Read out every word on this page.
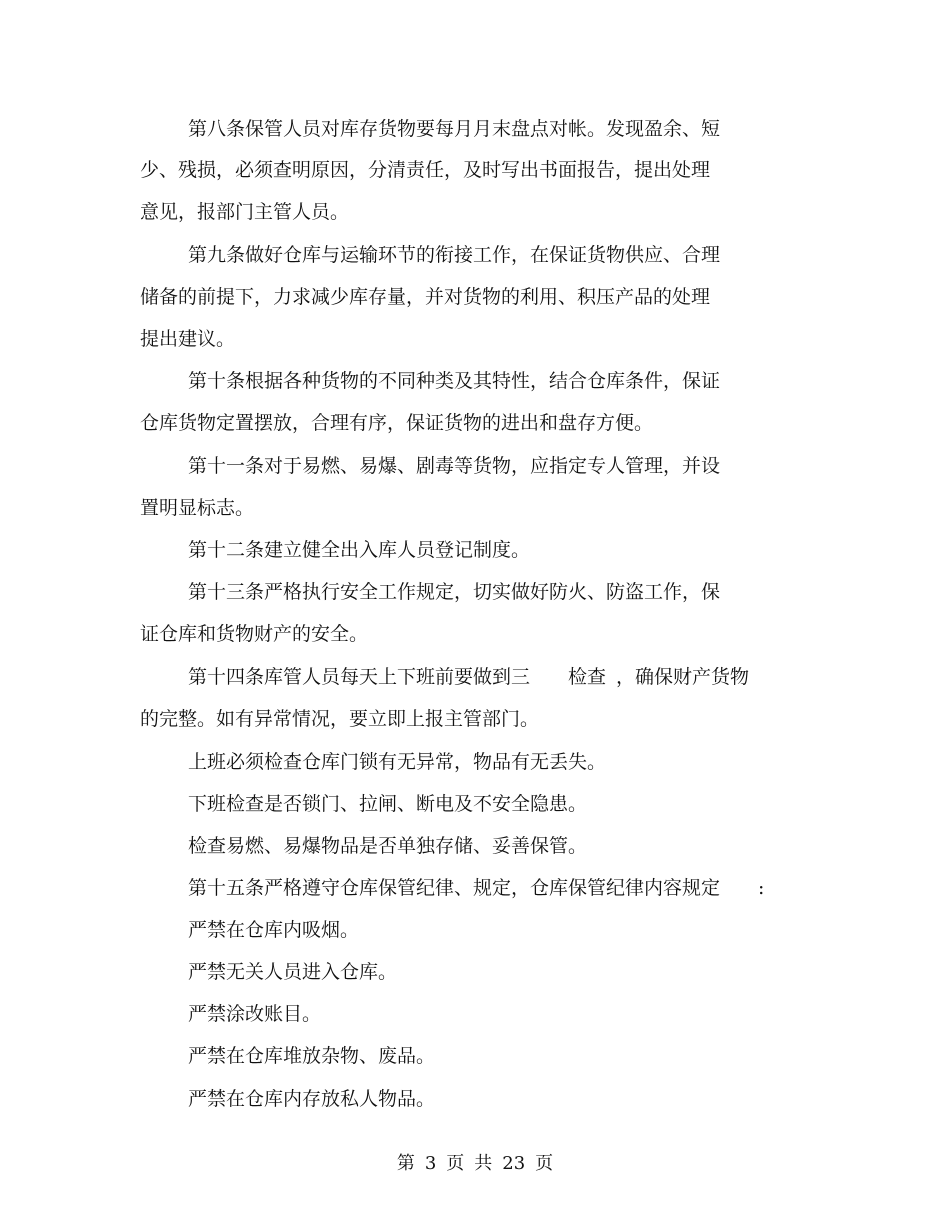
第八条保管人员对库存货物要每月月末盘点对帐。发现盈余、短
少、残损，必须查明原因，分清责任，及时写出书面报告，提出处理
意见，报部门主管人员。
第九条做好仓库与运输环节的衔接工作，在保证货物供应、合理
储备的前提下，力求减少库存量，并对货物的利用、积压产品的处理
提出建议。
第十条根据各种货物的不同种类及其特性，结合仓库条件，保证
仓库货物定置摆放，合理有序，保证货物的进出和盘存方便。
第十一条对于易燃、易爆、剧毒等货物，应指定专人管理，并设
置明显标志。
第十二条建立健全出入库人员登记制度。
第十三条严格执行安全工作规定，切实做好防火、防盗工作，保
证仓库和货物财产的安全。
第十四条库管人员每天上下班前要做到三 检查 ，确保财产货物
的完整。如有异常情况，要立即上报主管部门。
上班必须检查仓库门锁有无异常，物品有无丢失。
下班检查是否锁门、拉闸、断电及不安全隐患。
检查易燃、易爆物品是否单独存储、妥善保管。
第十五条严格遵守仓库保管纪律、规定，仓库保管纪律内容规定 :
严禁在仓库内吸烟。
严禁无关人员进入仓库。
严禁涂改账目。
严禁在仓库堆放杂物、废品。
严禁在仓库内存放私人物品。
第 3 页 共 23 页
